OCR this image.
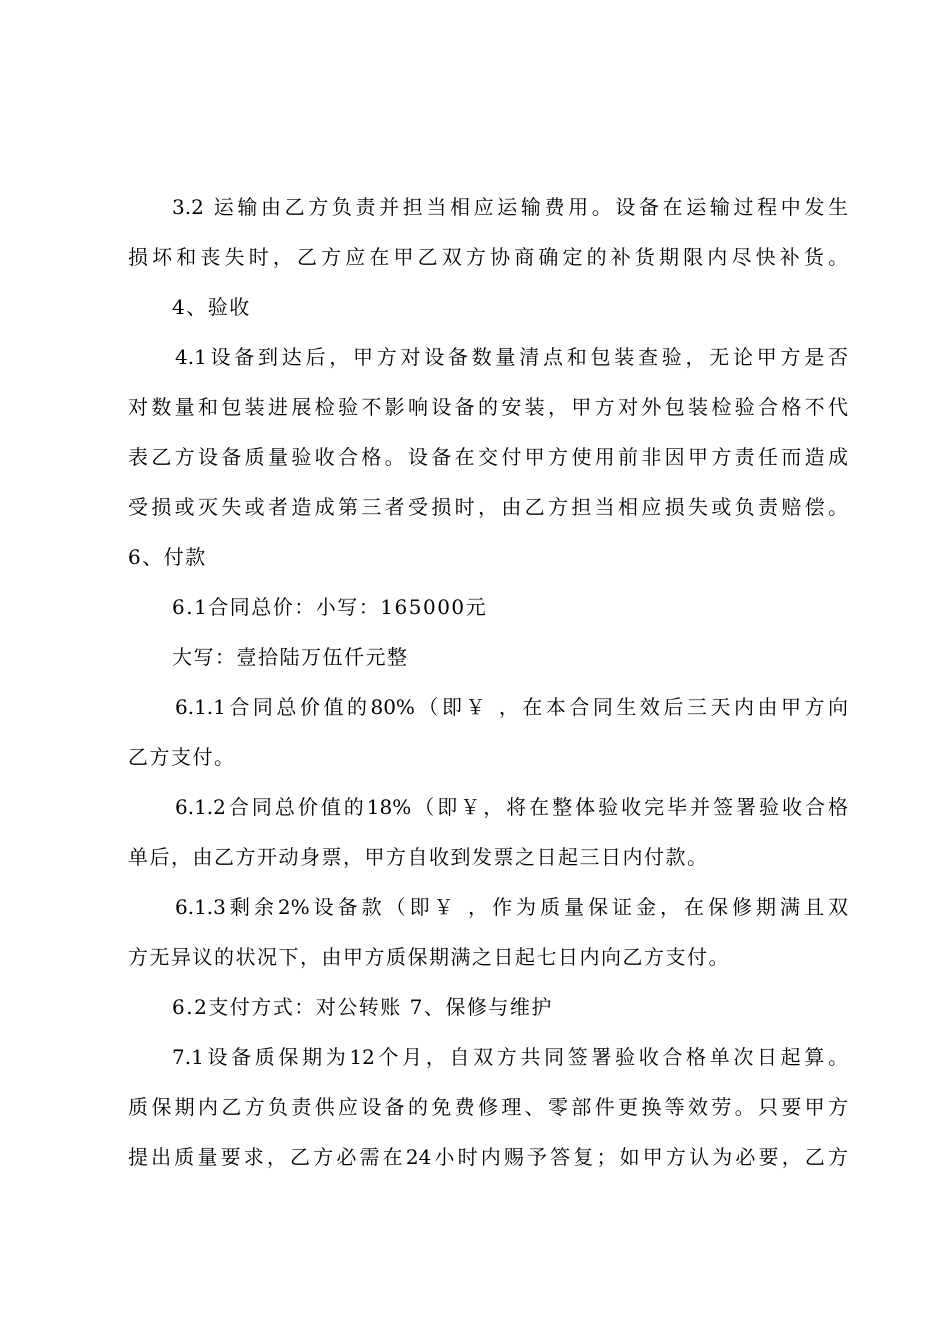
3.2 运输由乙方负责并担当相应运输费用。设备在运输过程中发生
损坏和丧失时，乙方应在甲乙双方协商确定的补货期限内尽快补货。
4、验收
4.1设备到达后，甲方对设备数量清点和包装查验，无论甲方是否
对数量和包装进展检验不影响设备的安装，甲方对外包装检验合格不代
表乙方设备质量验收合格。设备在交付甲方使用前非因甲方责任而造成
受损或灭失或者造成第三者受损时，由乙方担当相应损失或负责赔偿。
6、付款
6.1合同总价：小写：165000元
大写：壹拾陆万伍仟元整
6.1.1合同总价值的80%（即￥ ，在本合同生效后三天内由甲方向
乙方支付。
6.1.2合同总价值的18%（即￥，将在整体验收完毕并签署验收合格
单后，由乙方开动身票，甲方自收到发票之日起三日内付款。
6.1.3剩余2%设备款（即￥ ，作为质量保证金，在保修期满且双
方无异议的状况下，由甲方质保期满之日起七日内向乙方支付。
6.2支付方式：对公转账 7、保修与维护
7.1设备质保期为12个月，自双方共同签署验收合格单次日起算。
质保期内乙方负责供应设备的免费修理、零部件更换等效劳。只要甲方
提出质量要求，乙方必需在24小时内赐予答复；如甲方认为必要，乙方
